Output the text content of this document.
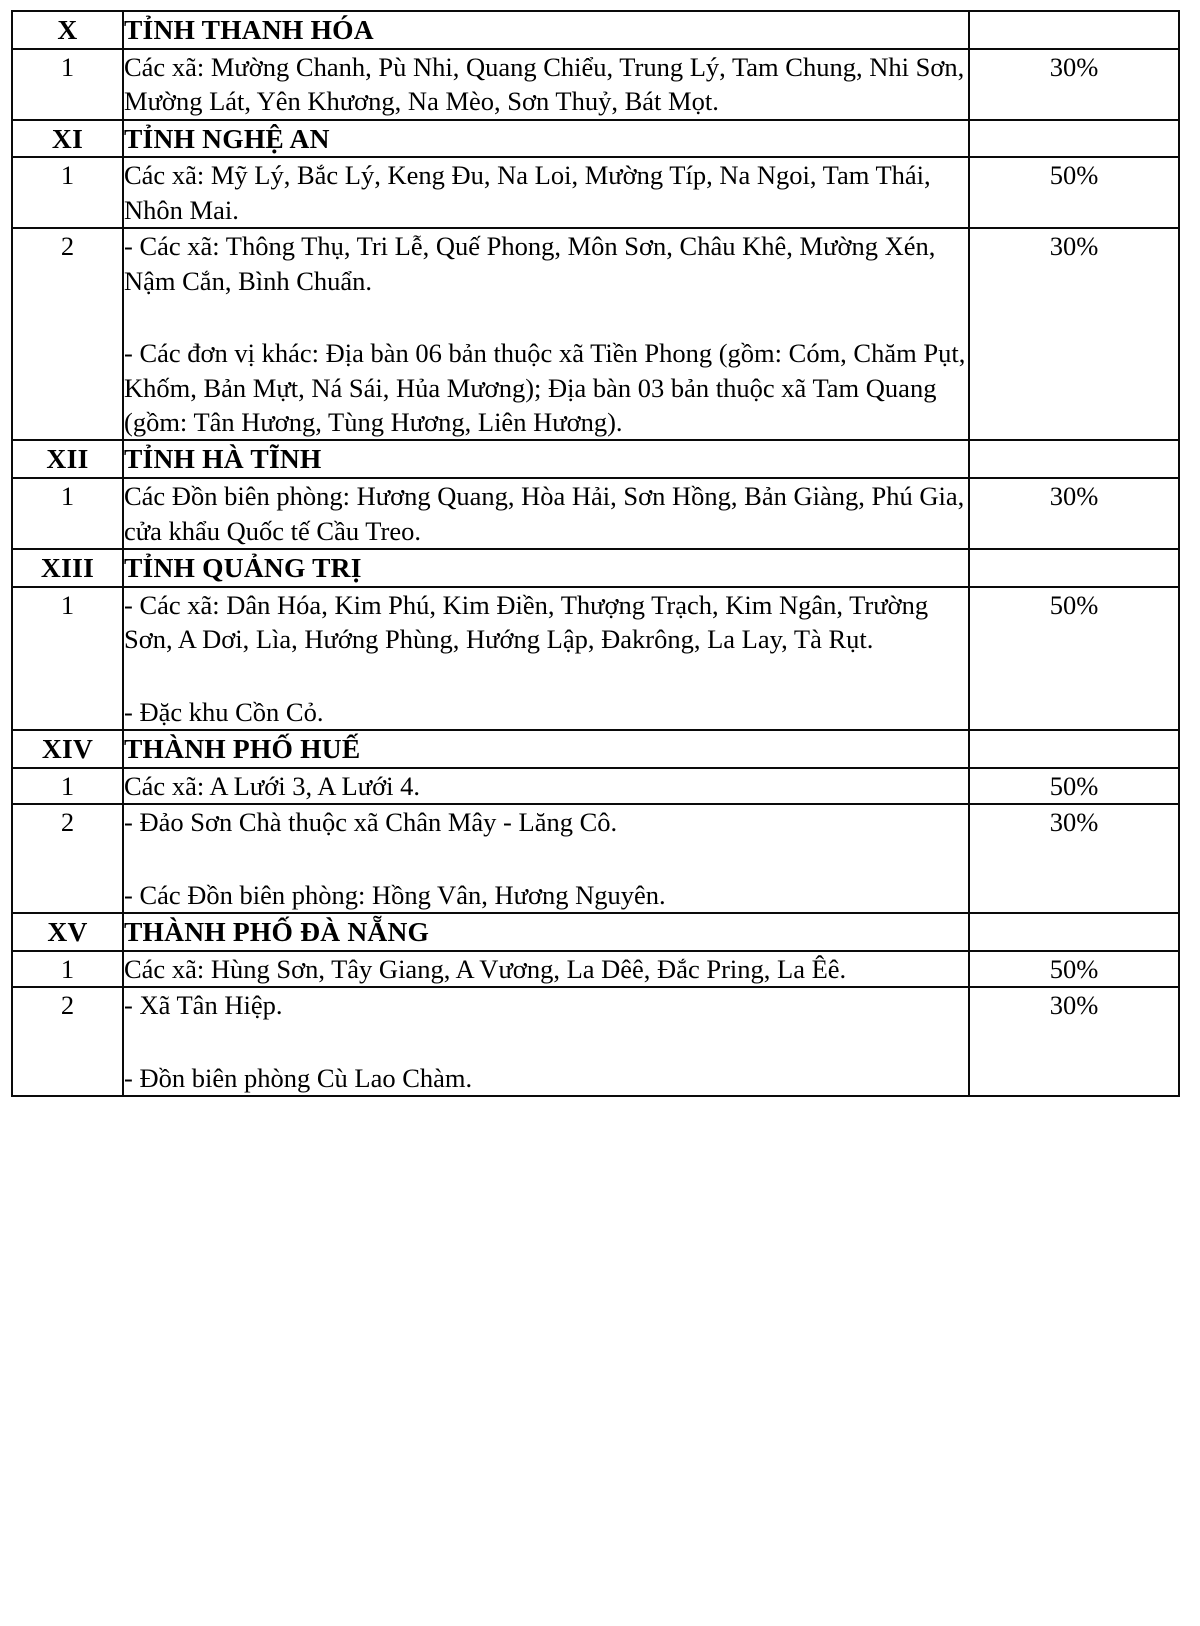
X	TỈNH THANH HÓA	
1	Các xã: Mường Chanh, Pù Nhi, Quang Chiểu, Trung Lý, Tam Chung, Nhi Sơn, Mường Lát, Yên Khương, Na Mèo, Sơn Thuỷ, Bát Mọt.	30%
XI	TỈNH NGHỆ AN	
1	Các xã: Mỹ Lý, Bắc Lý, Keng Đu, Na Loi, Mường Típ, Na Ngoi, Tam Thái, Nhôn Mai.	50%
2	- Các xã: Thông Thụ, Tri Lễ, Quế Phong, Môn Sơn, Châu Khê, Mường Xén, Nậm Cắn, Bình Chuẩn.

- Các đơn vị khác: Địa bàn 06 bản thuộc xã Tiền Phong (gồm: Cóm, Chăm Pụt, Khốm, Bản Mựt, Ná Sái, Hủa Mương); Địa bàn 03 bản thuộc xã Tam Quang (gồm: Tân Hương, Tùng Hương, Liên Hương).	30%
XII	TỈNH HÀ TĨNH	
1	Các Đồn biên phòng: Hương Quang, Hòa Hải, Sơn Hồng, Bản Giàng, Phú Gia, cửa khẩu Quốc tế Cầu Treo.	30%
XIII	TỈNH QUẢNG TRỊ	
1	- Các xã: Dân Hóa, Kim Phú, Kim Điền, Thượng Trạch, Kim Ngân, Trường Sơn, A Dơi, Lìa, Hướng Phùng, Hướng Lập, Đakrông, La Lay, Tà Rụt.

- Đặc khu Cồn Cỏ.	50%
XIV	THÀNH PHỐ HUẾ	
1	Các xã: A Lưới 3, A Lưới 4.	50%
2	- Đảo Sơn Chà thuộc xã Chân Mây - Lăng Cô.

- Các Đồn biên phòng: Hồng Vân, Hương Nguyên.	30%
XV	THÀNH PHỐ ĐÀ NẴNG	
1	Các xã: Hùng Sơn, Tây Giang, A Vương, La Dêê, Đắc Pring, La Êê.	50%
2	- Xã Tân Hiệp.

- Đồn biên phòng Cù Lao Chàm.	30%
